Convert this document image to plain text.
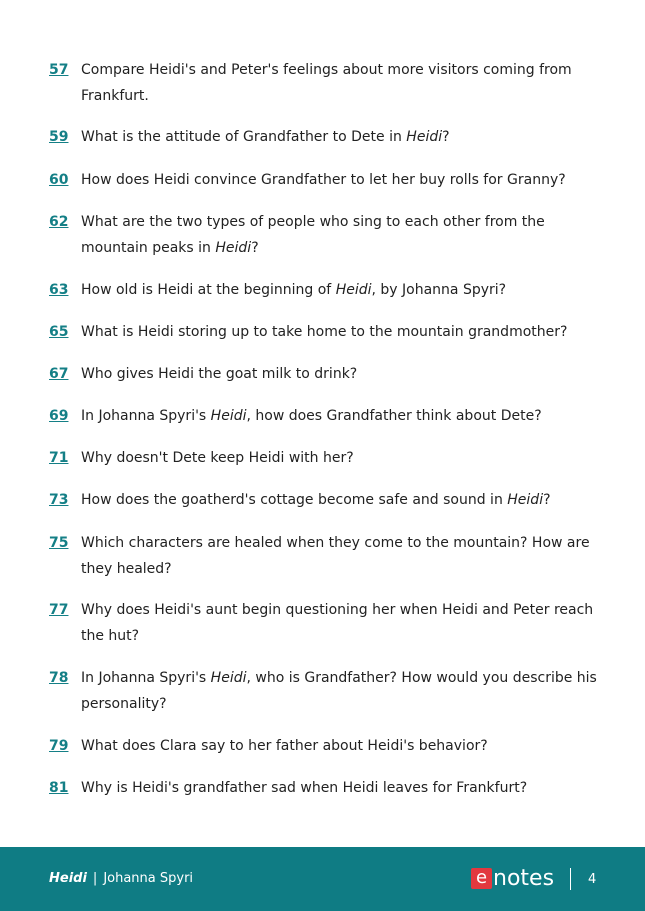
57 Compare Heidi's and Peter's feelings about more visitors coming from Frankfurt.
59 What is the attitude of Grandfather to Dete in Heidi?
60 How does Heidi convince Grandfather to let her buy rolls for Granny?
62 What are the two types of people who sing to each other from the mountain peaks in Heidi?
63 How old is Heidi at the beginning of Heidi, by Johanna Spyri?
65 What is Heidi storing up to take home to the mountain grandmother?
67 Who gives Heidi the goat milk to drink?
69 In Johanna Spyri's Heidi, how does Grandfather think about Dete?
71 Why doesn't Dete keep Heidi with her?
73 How does the goatherd's cottage become safe and sound in Heidi?
75 Which characters are healed when they come to the mountain? How are they healed?
77 Why does Heidi's aunt begin questioning her when Heidi and Peter reach the hut?
78 In Johanna Spyri's Heidi, who is Grandfather? How would you describe his personality?
79 What does Clara say to her father about Heidi's behavior?
81 Why is Heidi's grandfather sad when Heidi leaves for Frankfurt?
Heidi | Johanna Spyri	e notes	4
